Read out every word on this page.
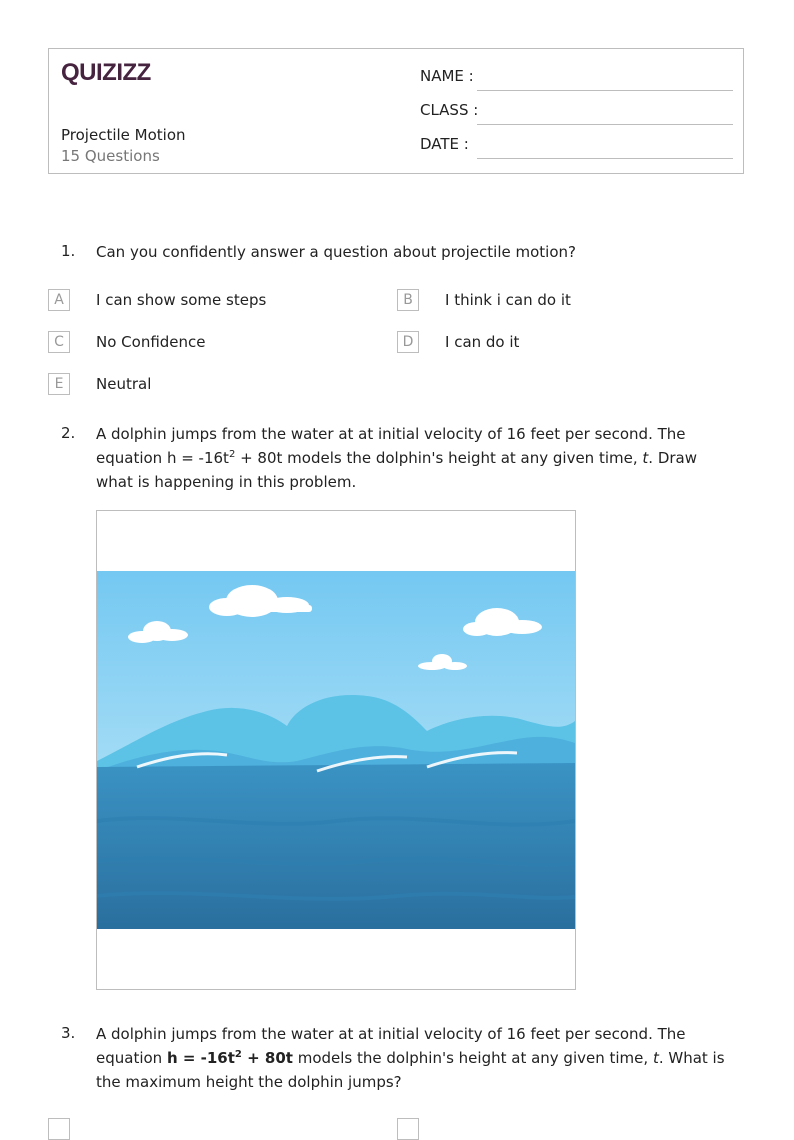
QUIZIZZ
Projectile Motion
15 Questions
NAME :
CLASS :
DATE :
1. Can you confidently answer a question about projectile motion?
A	I can show some steps	B	I think i can do it
C	No Confidence	D	I can do it
E	Neutral
2. A dolphin jumps from the water at at initial velocity of 16 feet per second. The equation $h = -16t^2 + 80t$ models the dolphin's height at any given time, t. Draw what is happening in this problem.
3. A dolphin jumps from the water at at initial velocity of 16 feet per second. The equation $h = -16t^2 + 80t$ models the dolphin's height at any given time, t. What is the maximum height the dolphin jumps?
